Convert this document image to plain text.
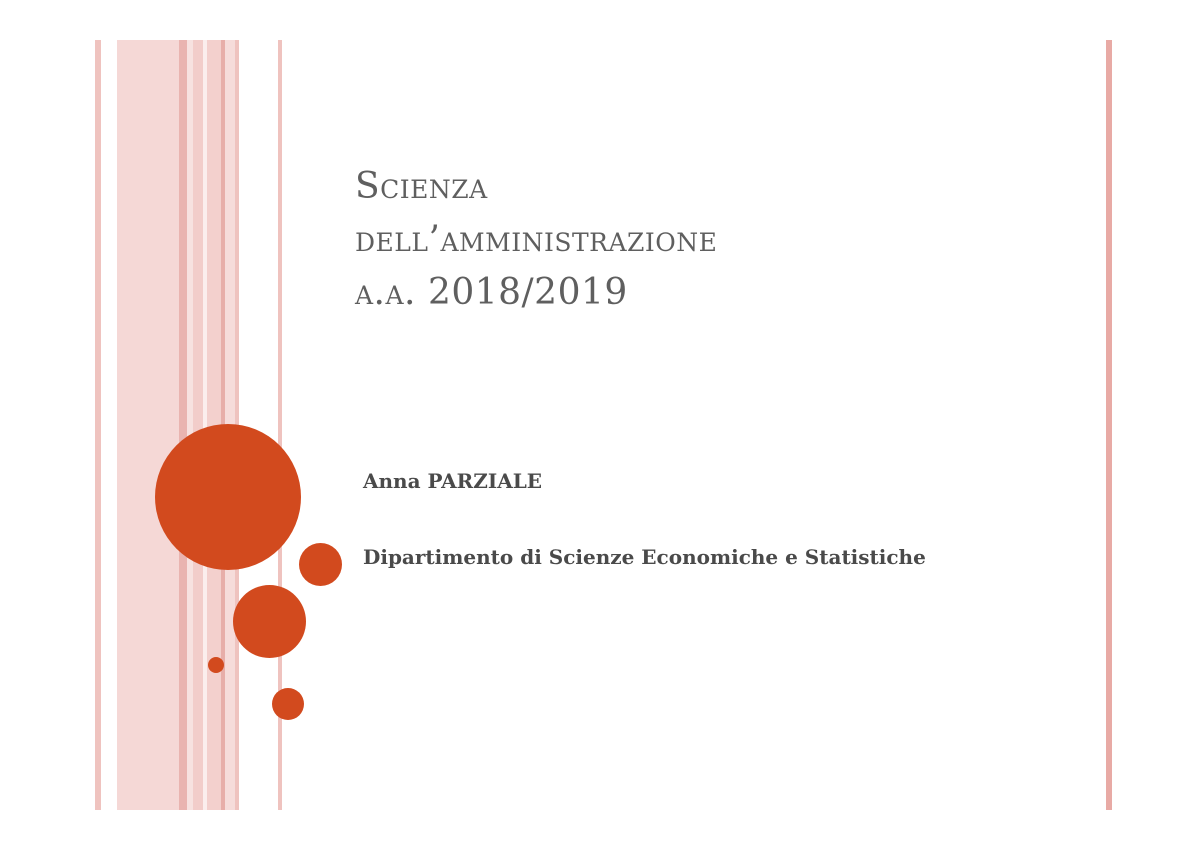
Scienza
dell’amministrazione
a.a. 2018/2019
Anna PARZIALE
Dipartimento di Scienze Economiche e Statistiche
